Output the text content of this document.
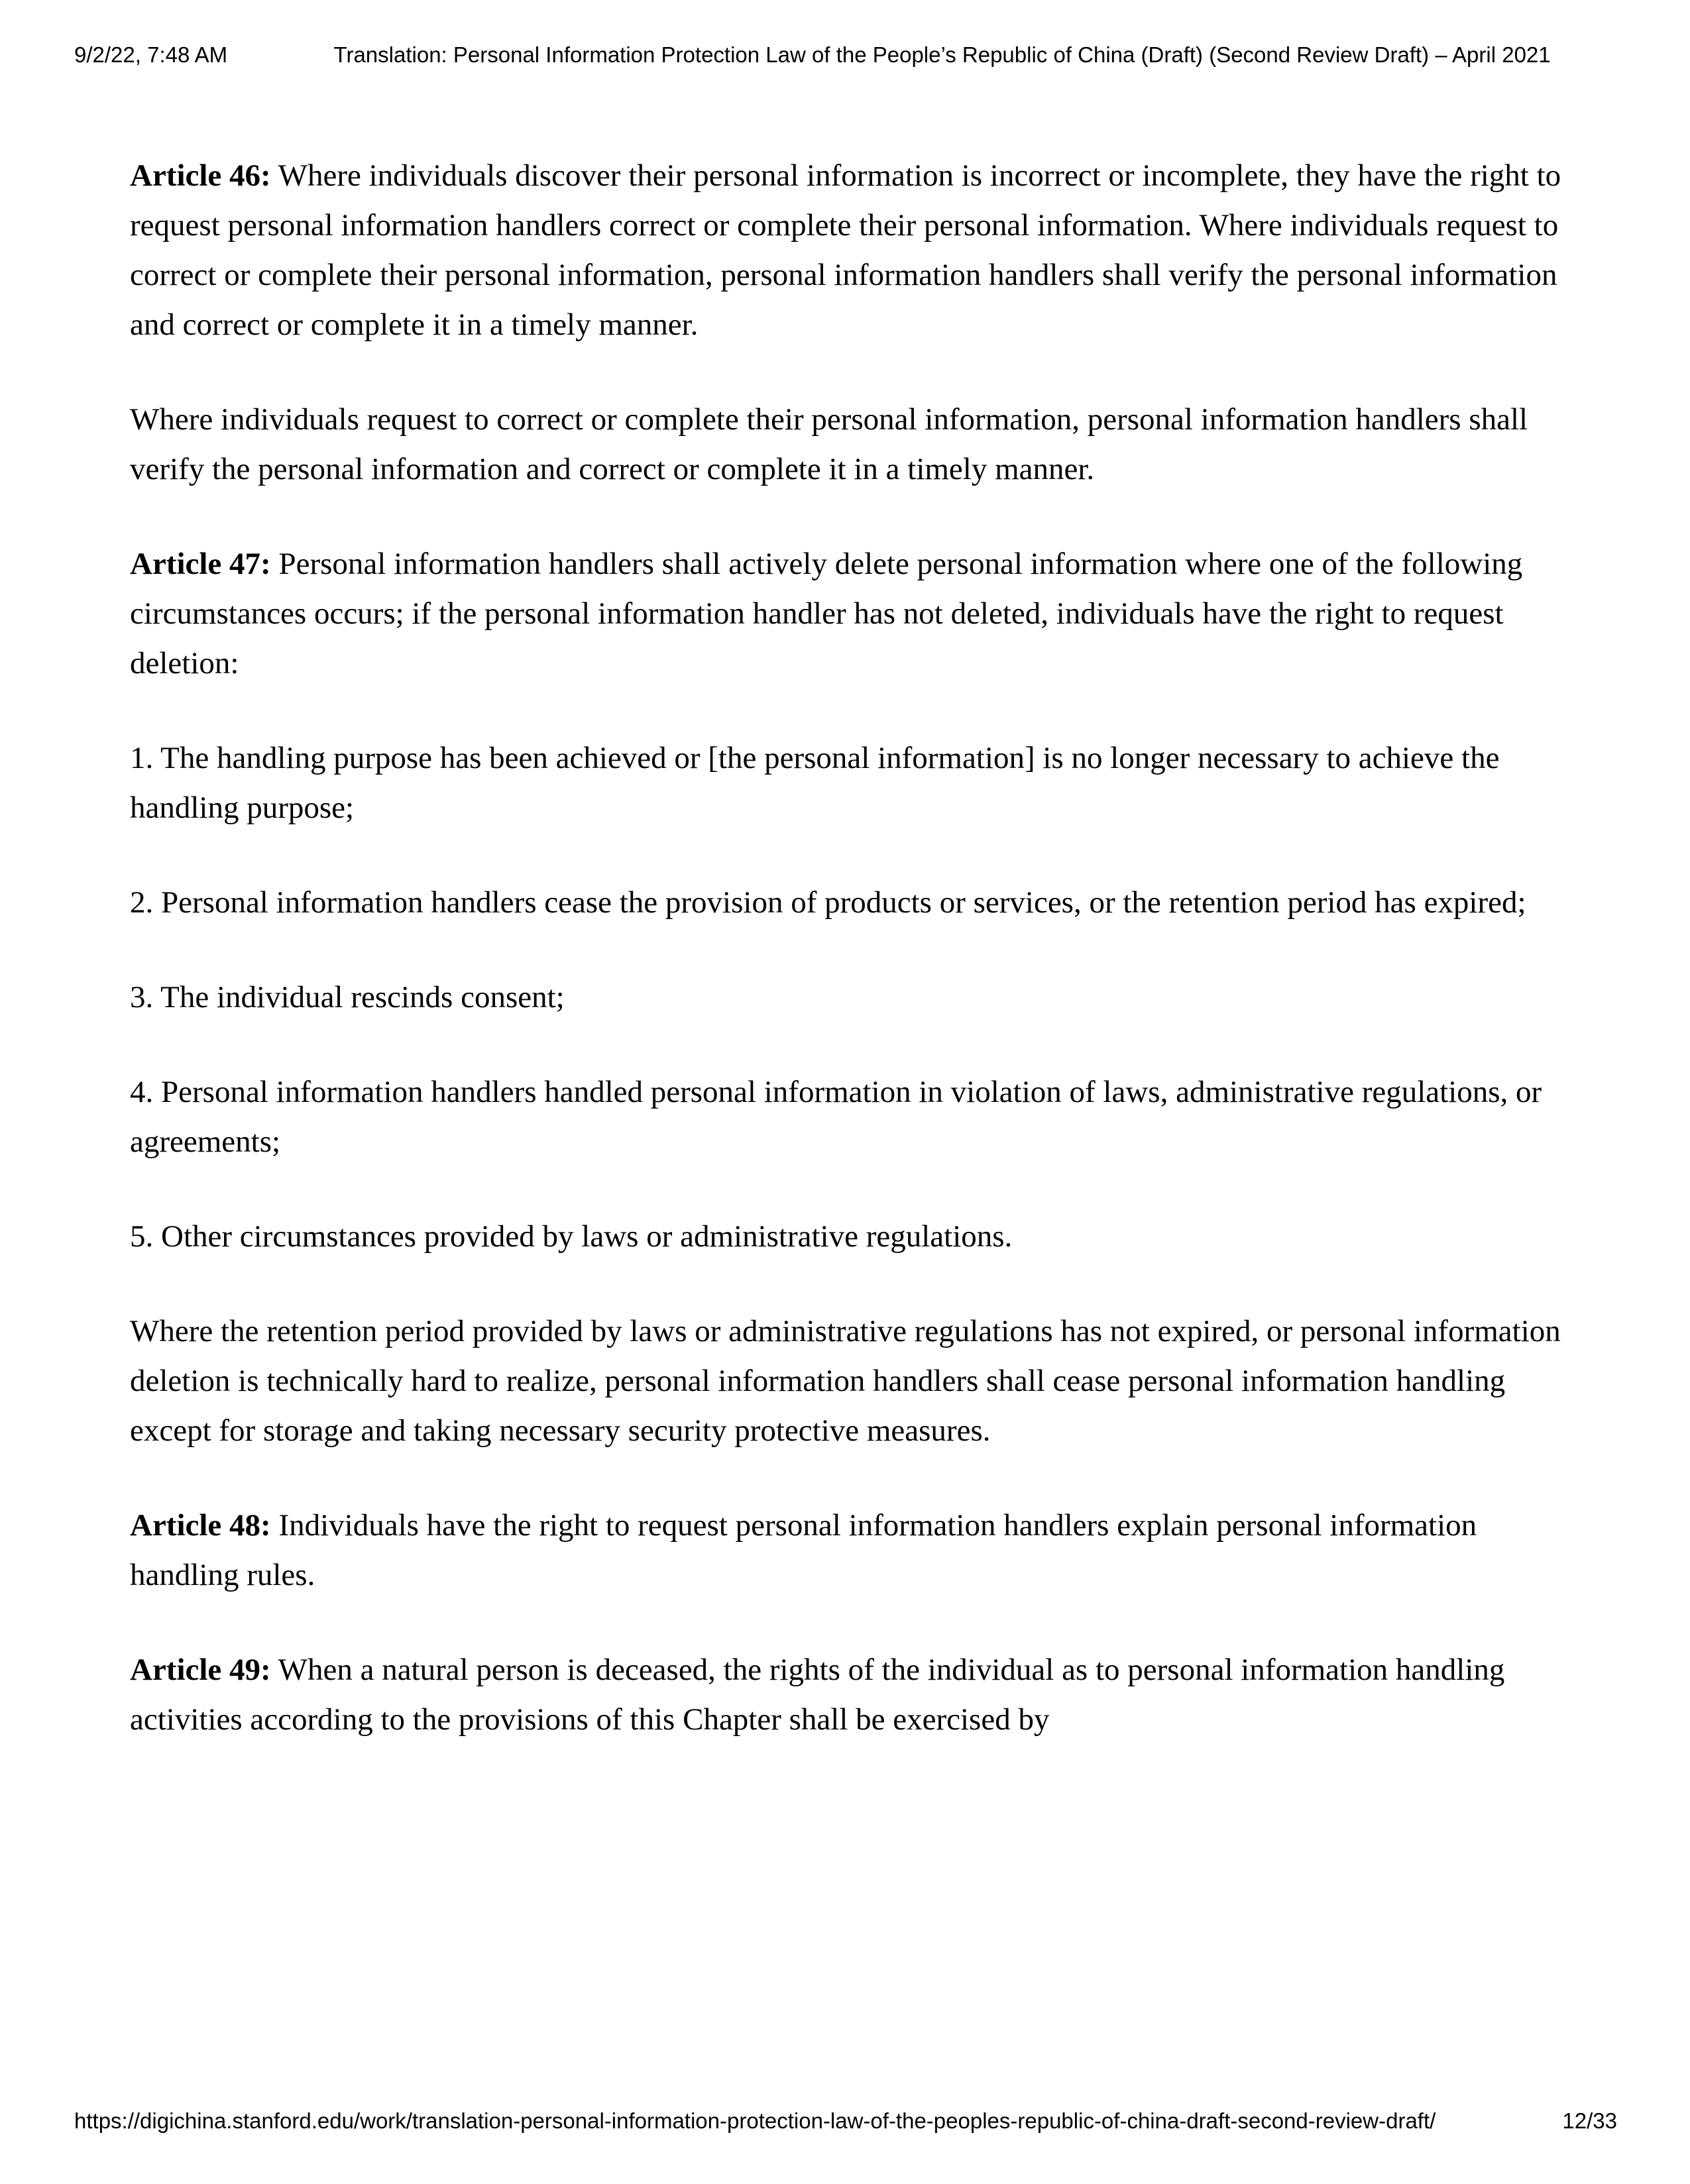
9/2/22, 7:48 AM	Translation: Personal Information Protection Law of the People’s Republic of China (Draft) (Second Review Draft) – April 2021

Article 46: Where individuals discover their personal information is incorrect or incomplete, they have the right to request personal information handlers correct or complete their personal information. Where individuals request to correct or complete their personal information, personal information handlers shall verify the personal information and correct or complete it in a timely manner.

Where individuals request to correct or complete their personal information, personal information handlers shall verify the personal information and correct or complete it in a timely manner.

Article 47: Personal information handlers shall actively delete personal information where one of the following circumstances occurs; if the personal information handler has not deleted, individuals have the right to request deletion:

1. The handling purpose has been achieved or [the personal information] is no longer necessary to achieve the handling purpose;

2. Personal information handlers cease the provision of products or services, or the retention period has expired;

3. The individual rescinds consent;

4. Personal information handlers handled personal information in violation of laws, administrative regulations, or agreements;

5. Other circumstances provided by laws or administrative regulations.

Where the retention period provided by laws or administrative regulations has not expired, or personal information deletion is technically hard to realize, personal information handlers shall cease personal information handling except for storage and taking necessary security protective measures.

Article 48: Individuals have the right to request personal information handlers explain personal information handling rules.

Article 49: When a natural person is deceased, the rights of the individual as to personal information handling activities according to the provisions of this Chapter shall be exercised by

https://digichina.stanford.edu/work/translation-personal-information-protection-law-of-the-peoples-republic-of-china-draft-second-review-draft/	12/33
